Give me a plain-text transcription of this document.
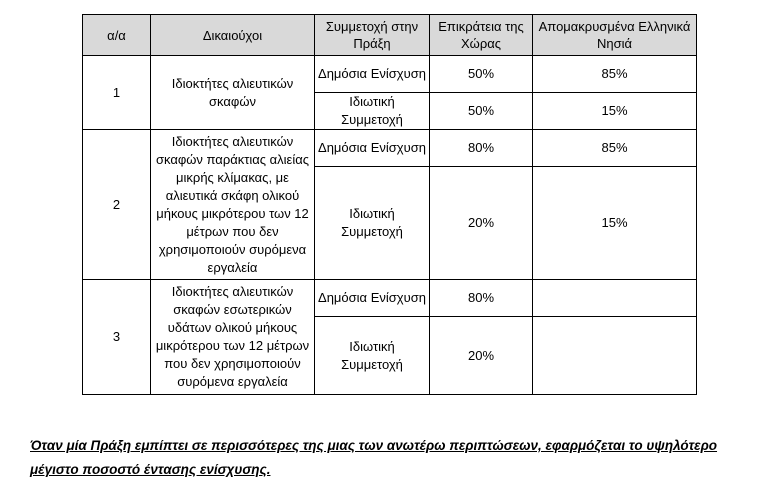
α/α	Δικαιούχοι	Συμμετοχή στην Πράξη	Επικράτεια της Χώρας	Απομακρυσμένα Ελληνικά Νησιά
1	Ιδιοκτήτες αλιευτικών σκαφών	Δημόσια Ενίσχυση	50%	85%
		Ιδιωτική Συμμετοχή	50%	15%
2	Ιδιοκτήτες αλιευτικών σκαφών παράκτιας αλιείας μικρής κλίμακας, με αλιευτικά σκάφη ολικού μήκους μικρότερου των 12 μέτρων που δεν χρησιμοποιούν συρόμενα εργαλεία	Δημόσια Ενίσχυση	80%	85%
		Ιδιωτική Συμμετοχή	20%	15%
3	Ιδιοκτήτες αλιευτικών σκαφών εσωτερικών υδάτων ολικού μήκους μικρότερου των 12 μέτρων που δεν χρησιμοποιούν συρόμενα εργαλεία	Δημόσια Ενίσχυση	80%	
		Ιδιωτική Συμμετοχή	20%	
Όταν μία Πράξη εμπίπτει σε περισσότερες της μιας των ανωτέρω περιπτώσεων, εφαρμόζεται το υψηλότερο μέγιστο ποσοστό έντασης ενίσχυσης.
